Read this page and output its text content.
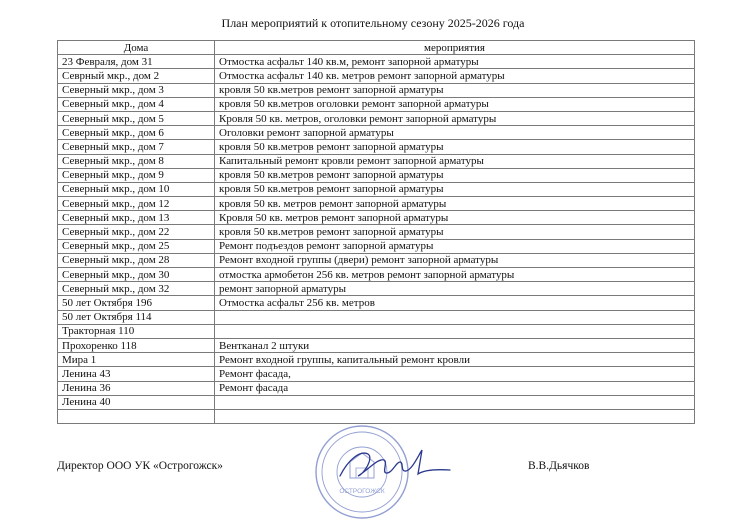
План мероприятий к отопительному сезону 2025-2026 года
Дома	мероприятия
23 Февраля, дом 31	Отмостка асфальт 140 кв.м, ремонт запорной арматуры
Севрный мкр., дом 2	Отмостка асфальт 140 кв. метров ремонт запорной арматуры
Северный мкр., дом 3	кровля 50 кв.метров ремонт запорной арматуры
Северный мкр., дом 4	кровля 50 кв.метров оголовки ремонт запорной арматуры
Северный мкр., дом 5	Кровля 50 кв. метров, оголовки ремонт запорной арматуры
Северный мкр., дом 6	Оголовки ремонт запорной арматуры
Северный мкр., дом 7	кровля 50 кв.метров ремонт запорной арматуры
Северный мкр., дом 8	Капитальный ремонт кровли ремонт запорной арматуры
Северный мкр., дом 9	кровля 50 кв.метров ремонт запорной арматуры
Северный мкр., дом 10	кровля 50 кв.метров ремонт запорной арматуры
Северный мкр., дом 12	кровля 50 кв. метров ремонт запорной арматуры
Северный мкр., дом 13	Кровля 50 кв. метров ремонт запорной арматуры
Северный мкр., дом 22	кровля 50 кв.метров ремонт запорной арматуры
Северный мкр., дом 25	Ремонт подъездов ремонт запорной арматуры
Северный мкр., дом 28	Ремонт входной группы (двери) ремонт запорной арматуры
Северный мкр., дом 30	отмостка армобетон 256 кв. метров ремонт запорной арматуры
Северный мкр., дом 32	ремонт запорной арматуры
50 лет Октября 196	Отмостка асфальт 256 кв. метров
50 лет Октября 114	
Тракторная 110	
Прохоренко 118	Вентканал 2 штуки
Мира 1	Ремонт входной группы, капитальный ремонт кровли
Ленина 43	Ремонт фасада,
Ленина 36	Ремонт фасада
Ленина 40	

ОСТРОГОЖСК
Директор ООО УК «Острогожск»	В.В.Дьячков
